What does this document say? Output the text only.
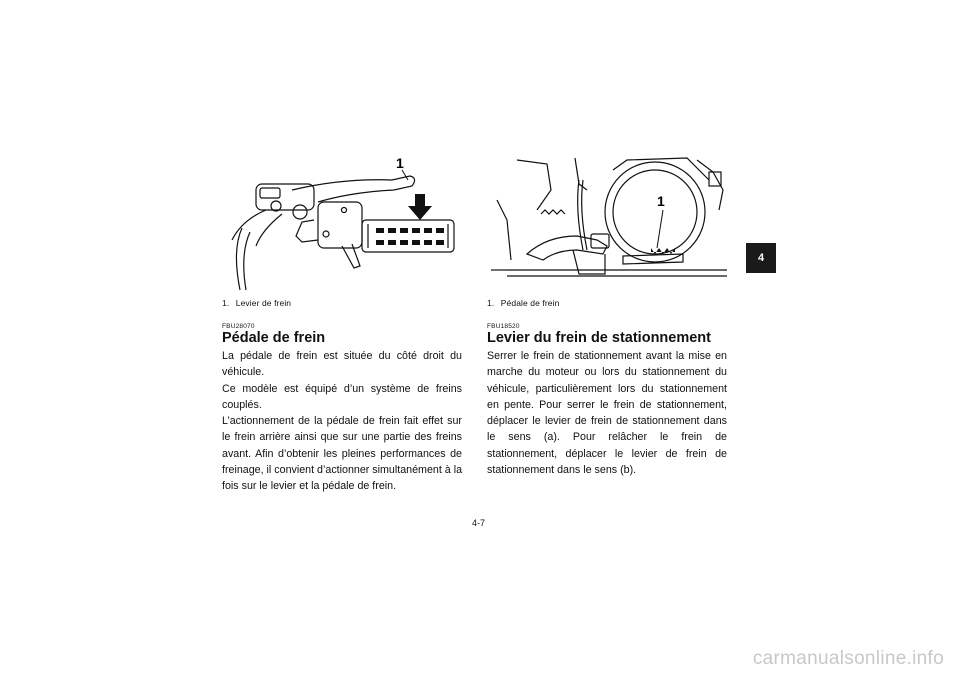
1
1. Levier de frein
FBU28070
Pédale de frein

La pédale de frein est située du côté droit du véhicule.

Ce modèle est équipé d’un système de freins couplés.

L’actionnement de la pédale de frein fait effet sur le frein arrière ainsi que sur une partie des freins avant. Afin d’obtenir les pleines performances de freinage, il convient d’actionner simultanément à la fois sur le levier et la pédale de frein.

1
1. Pédale de frein
FBU18520
Levier du frein de stationnement

Serrer le frein de stationnement avant la mise en marche du moteur ou lors du stationnement du véhicule, particulièrement lors du stationnement en pente. Pour serrer le frein de stationnement, déplacer le levier de frein de stationnement dans le sens (a). Pour relâcher le frein de stationnement, déplacer le levier de frein de stationnement dans le sens (b).

4
4-7
carmanualsonline.info
